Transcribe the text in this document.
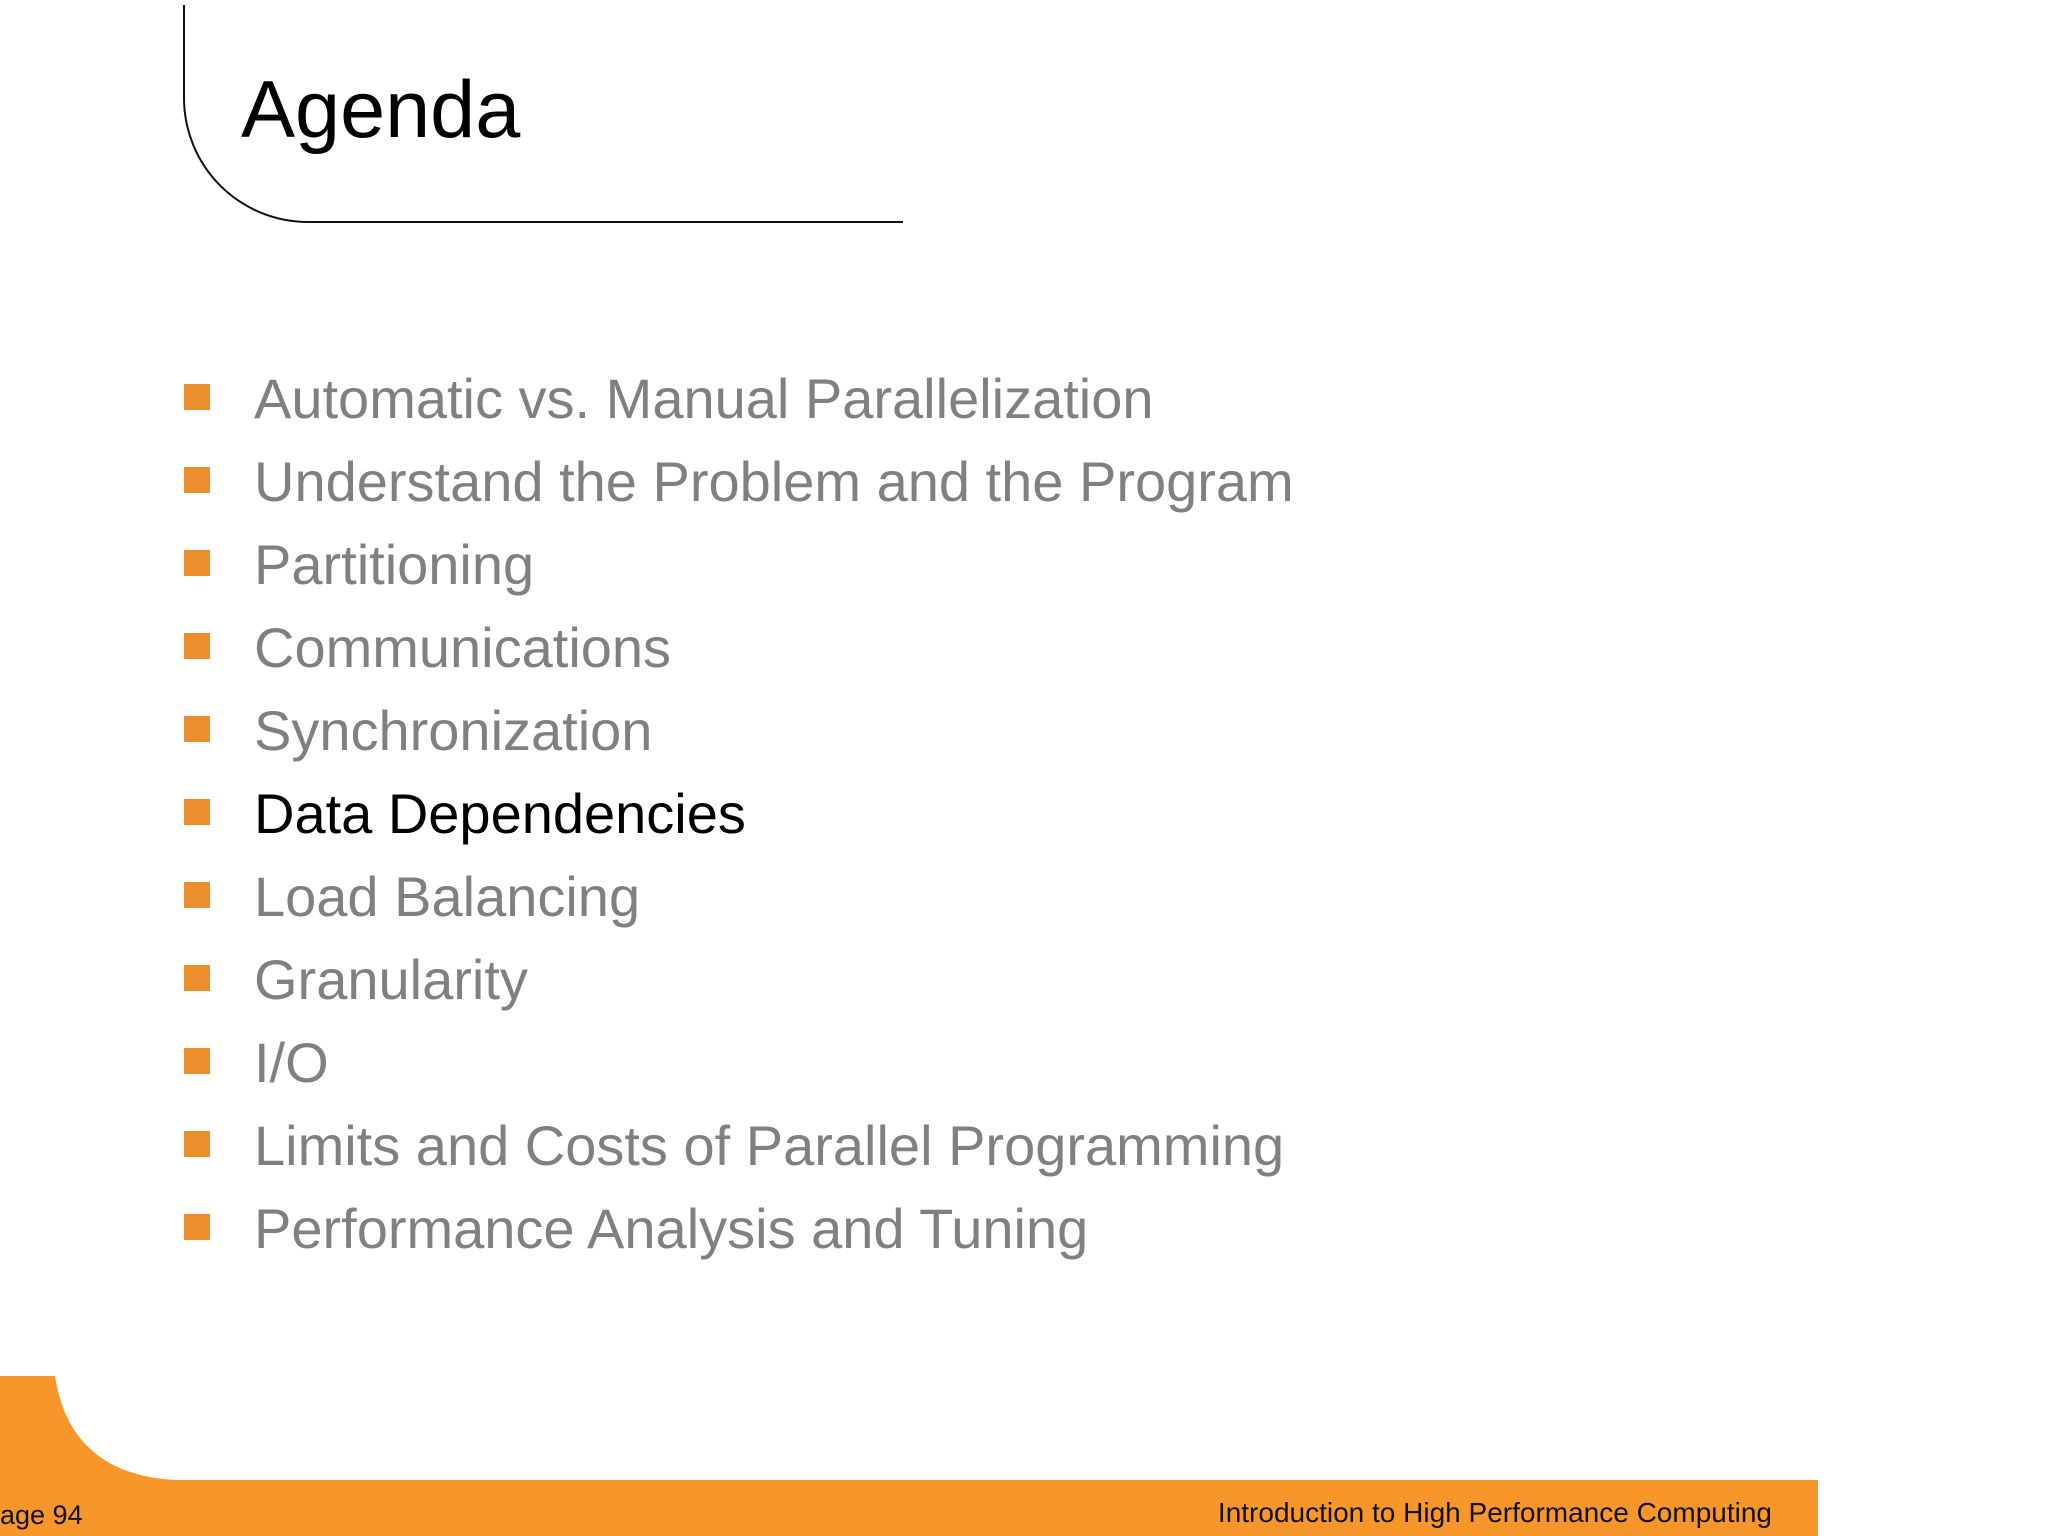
Agenda
Automatic vs. Manual Parallelization
Understand the Problem and the Program
Partitioning
Communications
Synchronization
Data Dependencies
Load Balancing
Granularity
I/O
Limits and Costs of Parallel Programming
Performance Analysis and Tuning
age 94	Introduction to High Performance Computing
